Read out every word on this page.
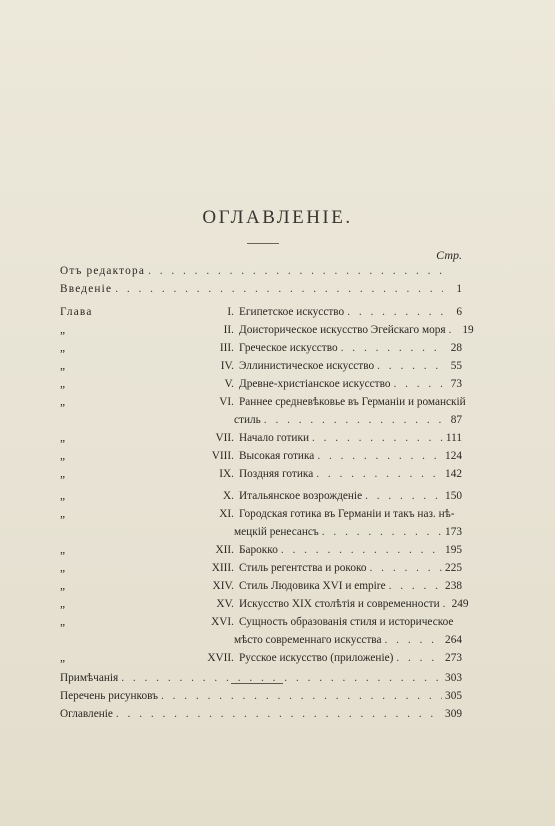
ОГЛАВЛЕНІЕ.
Стр.
Отъ редактора
. . .
Введеніе . . .	1
Глава	I. Египетское искусство . . .	6
„	II. Доисторическое искусство Эгейскаго моря . . .	19
„	III. Греческое искусство . . .	28
„	IV. Эллинистическое искусство . . .	55
„	V. Древне-христіанское искусство . . .	73
„	VI. Раннее средневѣковье въ Германіи и романскій
стиль . . .	87
„	VII. Начало готики . . .	111
„	VIII. Высокая готика . . .	124
„	IX. Поздняя готика . . .	142
„	X. Итальянское возрожденіе . . .	150
„	XI. Городская готика въ Германіи и такъ наз. нѣ-
мецкій ренесансъ . . .	173
„	XII. Барокко . . .	195
„	XIII. Стиль регентства и рококо . . .	225
„	XIV. Стиль Людовика XVI и empire . . .	238
„	XV. Искусство XIX столѣтія и современности . . . 249
„	XVI. Сущность образованія стиля и историческое
мѣсто современнаго искусства . . .	264
„	XVII. Русское искусство (приложеніе) . . .	273
Примѣчанія . . .	303
Перечень рисунковъ . . .	305
Оглавленіе . . .	309
